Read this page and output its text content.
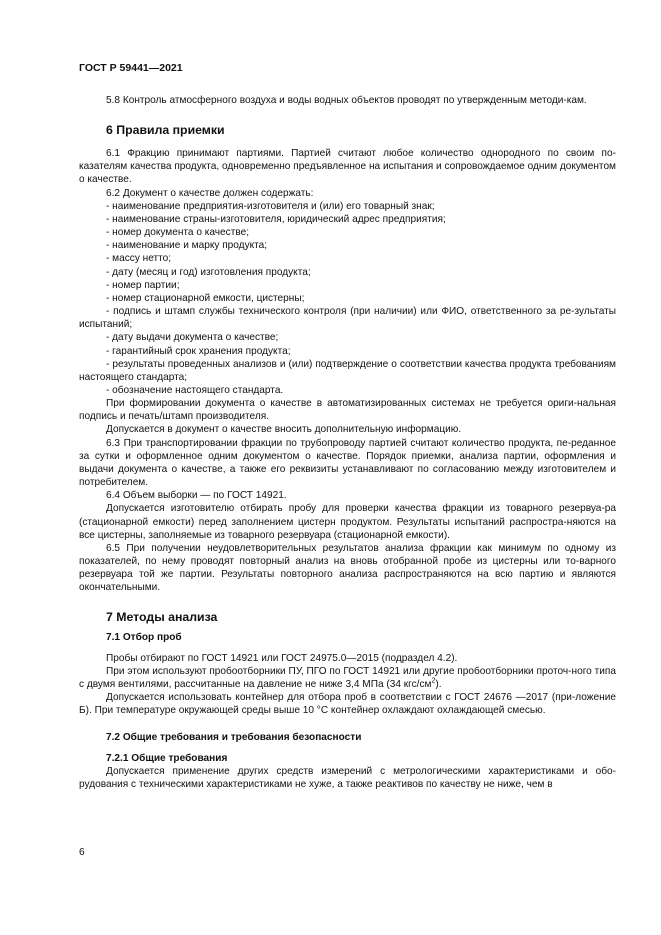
ГОСТ Р 59441—2021

5.8 Контроль атмосферного воздуха и воды водных объектов проводят по утвержденным методи-кам.

6 Правила приемки

6.1 Фракцию принимают партиями. Партией считают любое количество однородного по своим по-казателям качества продукта, одновременно предъявленное на испытания и сопровождаемое одним документом о качестве.

6.2 Документ о качестве должен содержать:

- наименование предприятия-изготовителя и (или) его товарный знак;
- наименование страны-изготовителя, юридический адрес предприятия;
- номер документа о качестве;
- наименование и марку продукта;
- массу нетто;
- дату (месяц и год) изготовления продукта;
- номер партии;
- номер стационарной емкости, цистерны;
- подпись и штамп службы технического контроля (при наличии) или ФИО, ответственного за ре-зультаты испытаний;
- дату выдачи документа о качестве;
- гарантийный срок хранения продукта;
- результаты проведенных анализов и (или) подтверждение о соответствии качества продукта требованиям настоящего стандарта;
- обозначение настоящего стандарта.

При формировании документа о качестве в автоматизированных системах не требуется ориги-нальная подпись и печать/штамп производителя.

Допускается в документ о качестве вносить дополнительную информацию.

6.3 При транспортировании фракции по трубопроводу партией считают количество продукта, пе-реданное за сутки и оформленное одним документом о качестве. Порядок приемки, анализа партии, оформления и выдачи документа о качестве, а также его реквизиты устанавливают по согласованию между изготовителем и потребителем.

6.4 Объем выборки — по ГОСТ 14921.

Допускается изготовителю отбирать пробу для проверки качества фракции из товарного резервуа-ра (стационарной емкости) перед заполнением цистерн продуктом. Результаты испытаний распростра-няются на все цистерны, заполняемые из товарного резервуара (стационарной емкости).

6.5 При получении неудовлетворительных результатов анализа фракции как минимум по одному из показателей, по нему проводят повторный анализ на вновь отобранной пробе из цистерны или то-варного резервуара той же партии. Результаты повторного анализа распространяются на всю партию и являются окончательными.

7 Методы анализа
7.1 Отбор проб

Пробы отбирают по ГОСТ 14921 или ГОСТ 24975.0—2015 (подраздел 4.2).

При этом используют пробоотборники ПУ, ПГО по ГОСТ 14921 или другие пробоотборники проточ-ного типа с двумя вентилями, рассчитанные на давление не ниже 3,4 МПа (34 кгс/$см^2$).

Допускается использовать контейнер для отбора проб в соответствии с ГОСТ 24676 —2017 (при-ложение Б). При температуре окружающей среды выше 10 °С контейнер охлаждают охлаждающей смесью.

7.2 Общие требования и требования безопасности
7.2.1 Общие требования

Допускается применение других средств измерений с метрологическими характеристиками и обо-рудования с техническими характеристиками не хуже, а также реактивов по качеству не ниже, чем в

6
